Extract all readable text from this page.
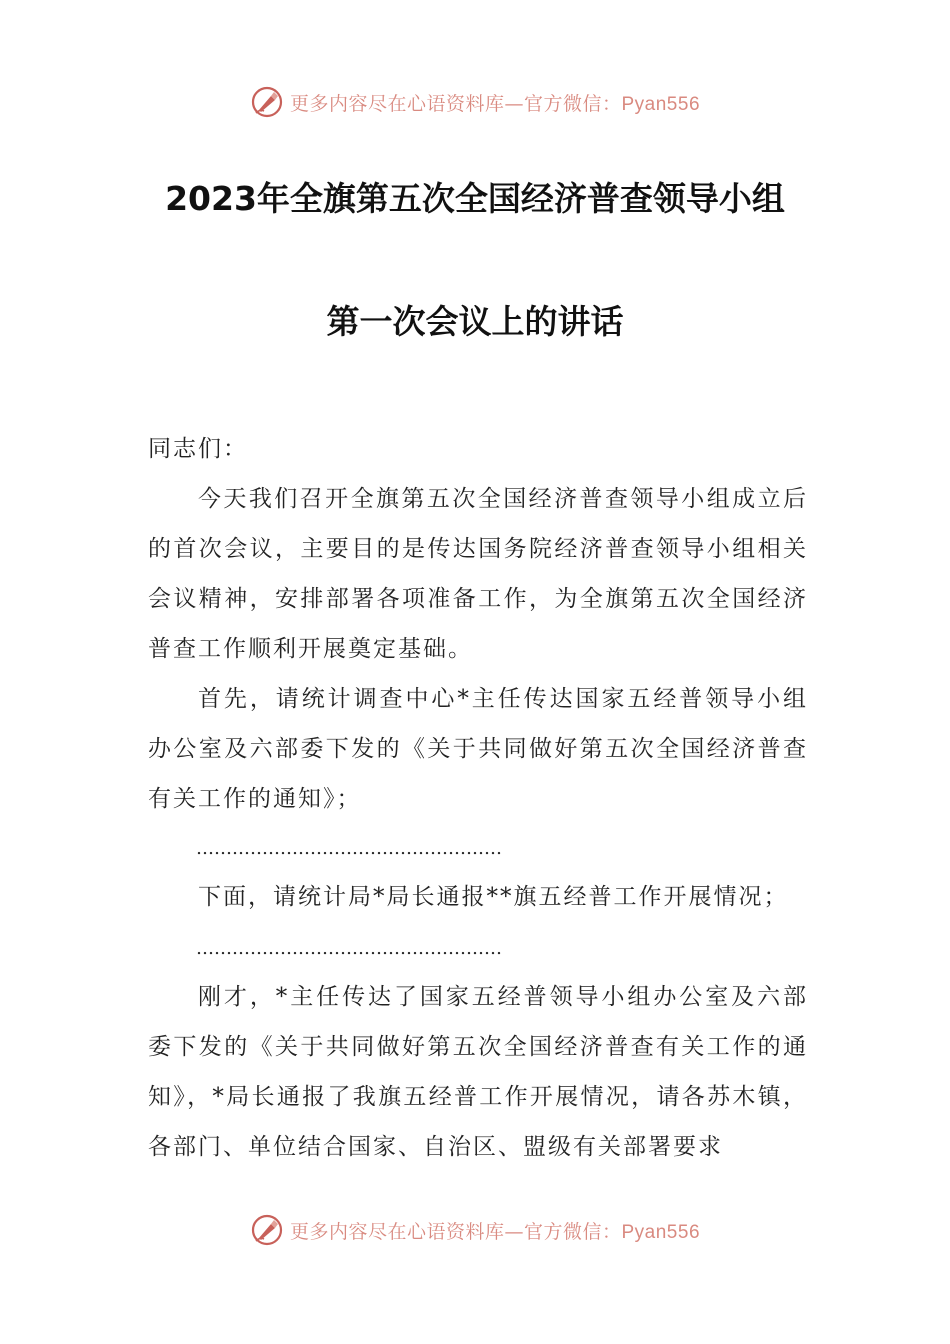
更多内容尽在心语资料库—官方微信：Pyan556
2023年全旗第五次全国经济普查领导小组
第一次会议上的讲话

同志们：

今天我们召开全旗第五次全国经济普查领导小组成立后的首次会议，主要目的是传达国务院经济普查领导小组相关会议精神，安排部署各项准备工作，为全旗第五次全国经济普查工作顺利开展奠定基础。

首先，请统计调查中心*主任传达国家五经普领导小组办公室及六部委下发的《关于共同做好第五次全国经济普查有关工作的通知》；

……………………………………………

下面，请统计局*局长通报**旗五经普工作开展情况；

……………………………………………

刚才，*主任传达了国家五经普领导小组办公室及六部委下发的《关于共同做好第五次全国经济普查有关工作的通知》，*局长通报了我旗五经普工作开展情况，请各苏木镇，各部门、单位结合国家、自治区、盟级有关部署要求

更多内容尽在心语资料库—官方微信：Pyan556
